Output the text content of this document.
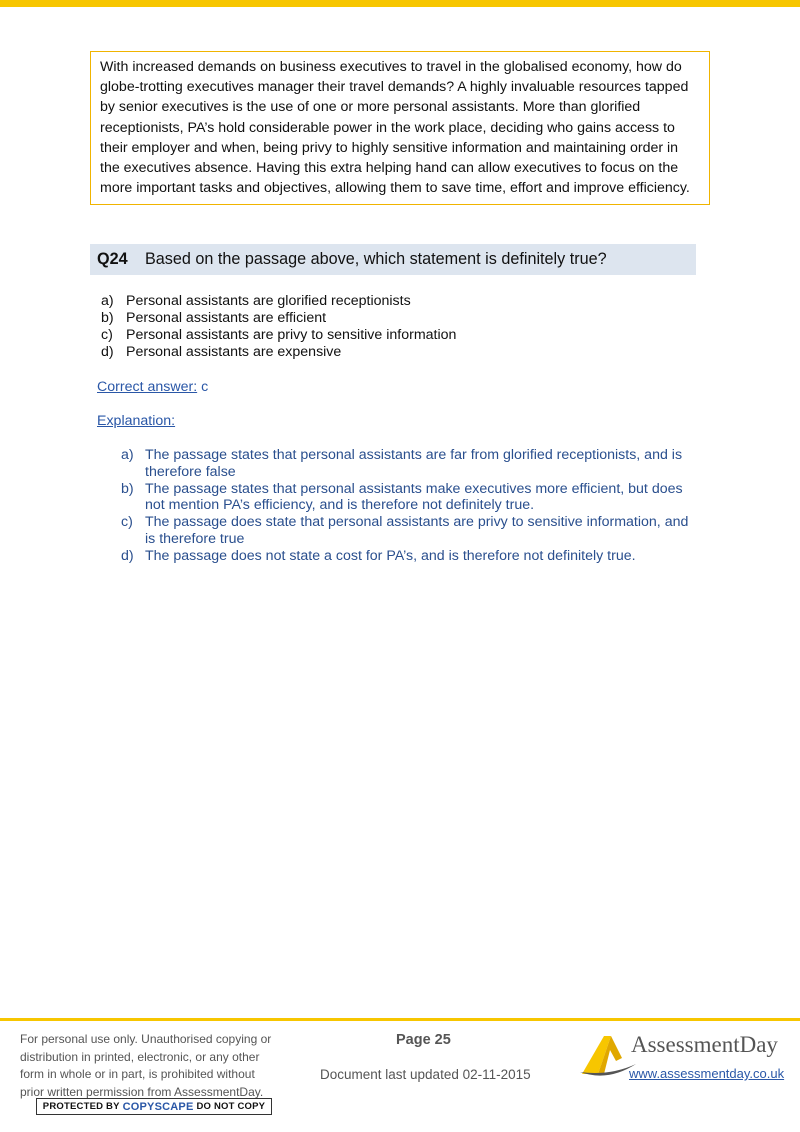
With increased demands on business executives to travel in the globalised economy, how do globe-trotting executives manager their travel demands? A highly invaluable resources tapped by senior executives is the use of one or more personal assistants. More than glorified receptionists, PA’s hold considerable power in the work place, deciding who gains access to their employer and when, being privy to highly sensitive information and maintaining order in the executives absence. Having this extra helping hand can allow executives to focus on the more important tasks and objectives, allowing them to save time, effort and improve efficiency.
Q24	Based on the passage above, which statement is definitely true?
a) Personal assistants are glorified receptionists
b) Personal assistants are efficient
c) Personal assistants are privy to sensitive information
d) Personal assistants are expensive
Correct answer: c
Explanation:
a) The passage states that personal assistants are far from glorified receptionists, and is therefore false
b) The passage states that personal assistants make executives more efficient, but does not mention PA’s efficiency, and is therefore not definitely true.
c) The passage does state that personal assistants are privy to sensitive information, and is therefore true
d) The passage does not state a cost for PA’s, and is therefore not definitely true.
For personal use only. Unauthorised copying or
distribution in printed, electronic, or any other
form in whole or in part, is prohibited without
prior written permission from AssessmentDay.
PROTECTED BY COPYSCAPE DO NOT COPY
Page 25
Document last updated 02-11-2015
AssessmentDay
www.assessmentday.co.uk
